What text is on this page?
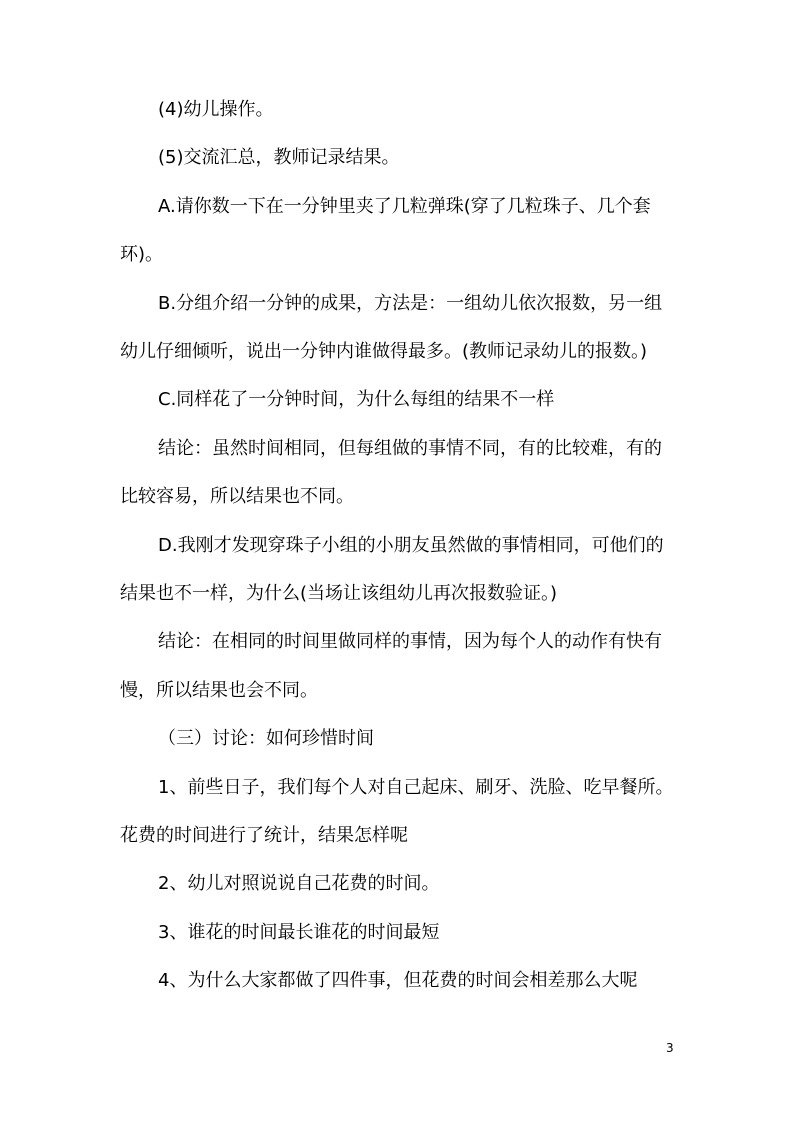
(4)幼儿操作。
(5)交流汇总，教师记录结果。
A.请你数一下在一分钟里夹了几粒弹珠(穿了几粒珠子、几个套
环)。
B.分组介绍一分钟的成果，方法是：一组幼儿依次报数，另一组
幼儿仔细倾听，说出一分钟内谁做得最多。(教师记录幼儿的报数。)
C.同样花了一分钟时间，为什么每组的结果不一样
结论：虽然时间相同，但每组做的事情不同，有的比较难，有的
比较容易，所以结果也不同。
D.我刚才发现穿珠子小组的小朋友虽然做的事情相同，可他们的
结果也不一样，为什么(当场让该组幼儿再次报数验证。)
结论：在相同的时间里做同样的事情，因为每个人的动作有快有
慢，所以结果也会不同。
（三）讨论：如何珍惜时间
1、前些日子，我们每个人对自己起床、刷牙、洗脸、吃早餐所。
花费的时间进行了统计，结果怎样呢
2、幼儿对照说说自己花费的时间。
3、谁花的时间最长谁花的时间最短
4、为什么大家都做了四件事，但花费的时间会相差那么大呢
3
